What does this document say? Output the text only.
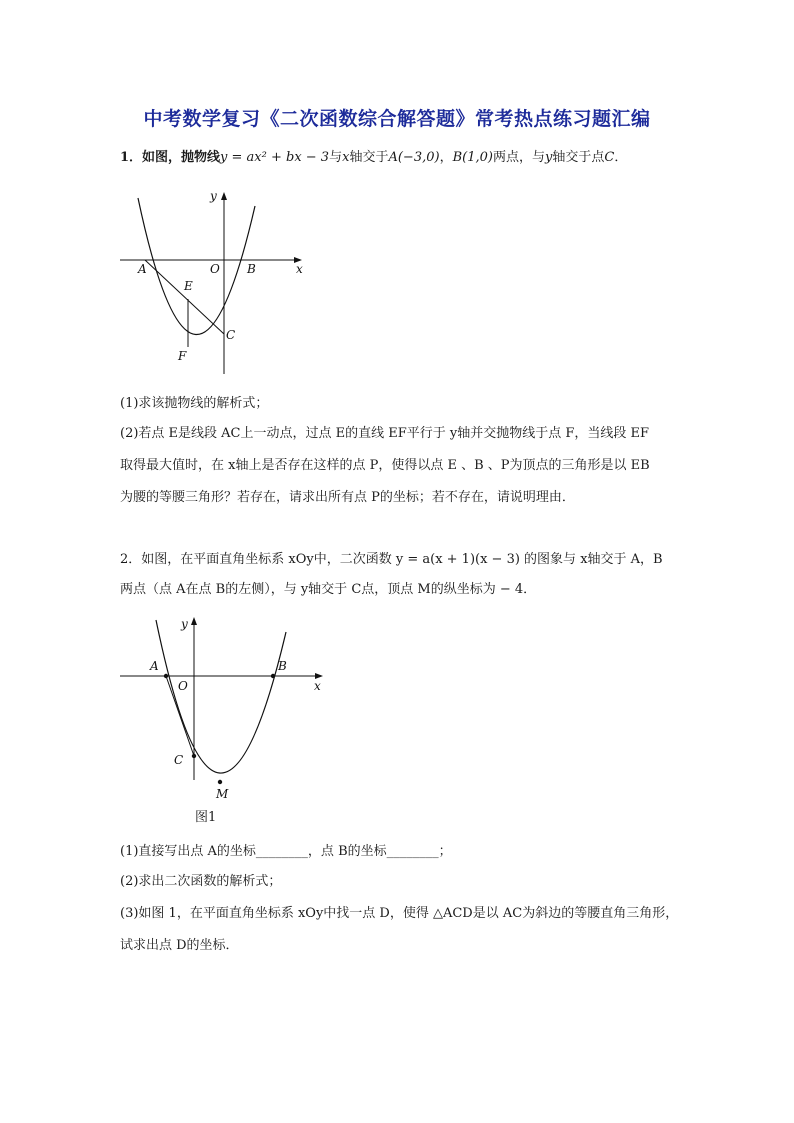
中考数学复习《二次函数综合解答题》常考热点练习题汇编
1．如图，抛物线y = ax² + bx − 3与x轴交于A(−3,0)，B(1,0)两点，与y轴交于点C．
y
x
O
A	B
C
E
F
(1)求该抛物线的解析式；
(2)若点 E是线段 AC上一动点，过点 E的直线 EF平行于 y轴并交抛物线于点 F，当线段 EF
取得最大值时，在 x轴上是否存在这样的点 P，使得以点 E 、B 、P为顶点的三角形是以 EB
为腰的等腰三角形？若存在，请求出所有点 P的坐标；若不存在，请说明理由．
2．如图，在平面直角坐标系 xOy中，二次函数 y = a(x + 1)(x − 3) 的图象与 x轴交于 A，B
两点（点 A在点 B的左侧），与 y轴交于 C点，顶点 M的纵坐标为 − 4．
y
x
O
A	B
C
M
图1
(1)直接写出点 A的坐标________，点 B的坐标________；
(2)求出二次函数的解析式；
(3)如图 1，在平面直角坐标系 xOy中找一点 D，使得 △ACD是以 AC为斜边的等腰直角三角形，
试求出点 D的坐标．
